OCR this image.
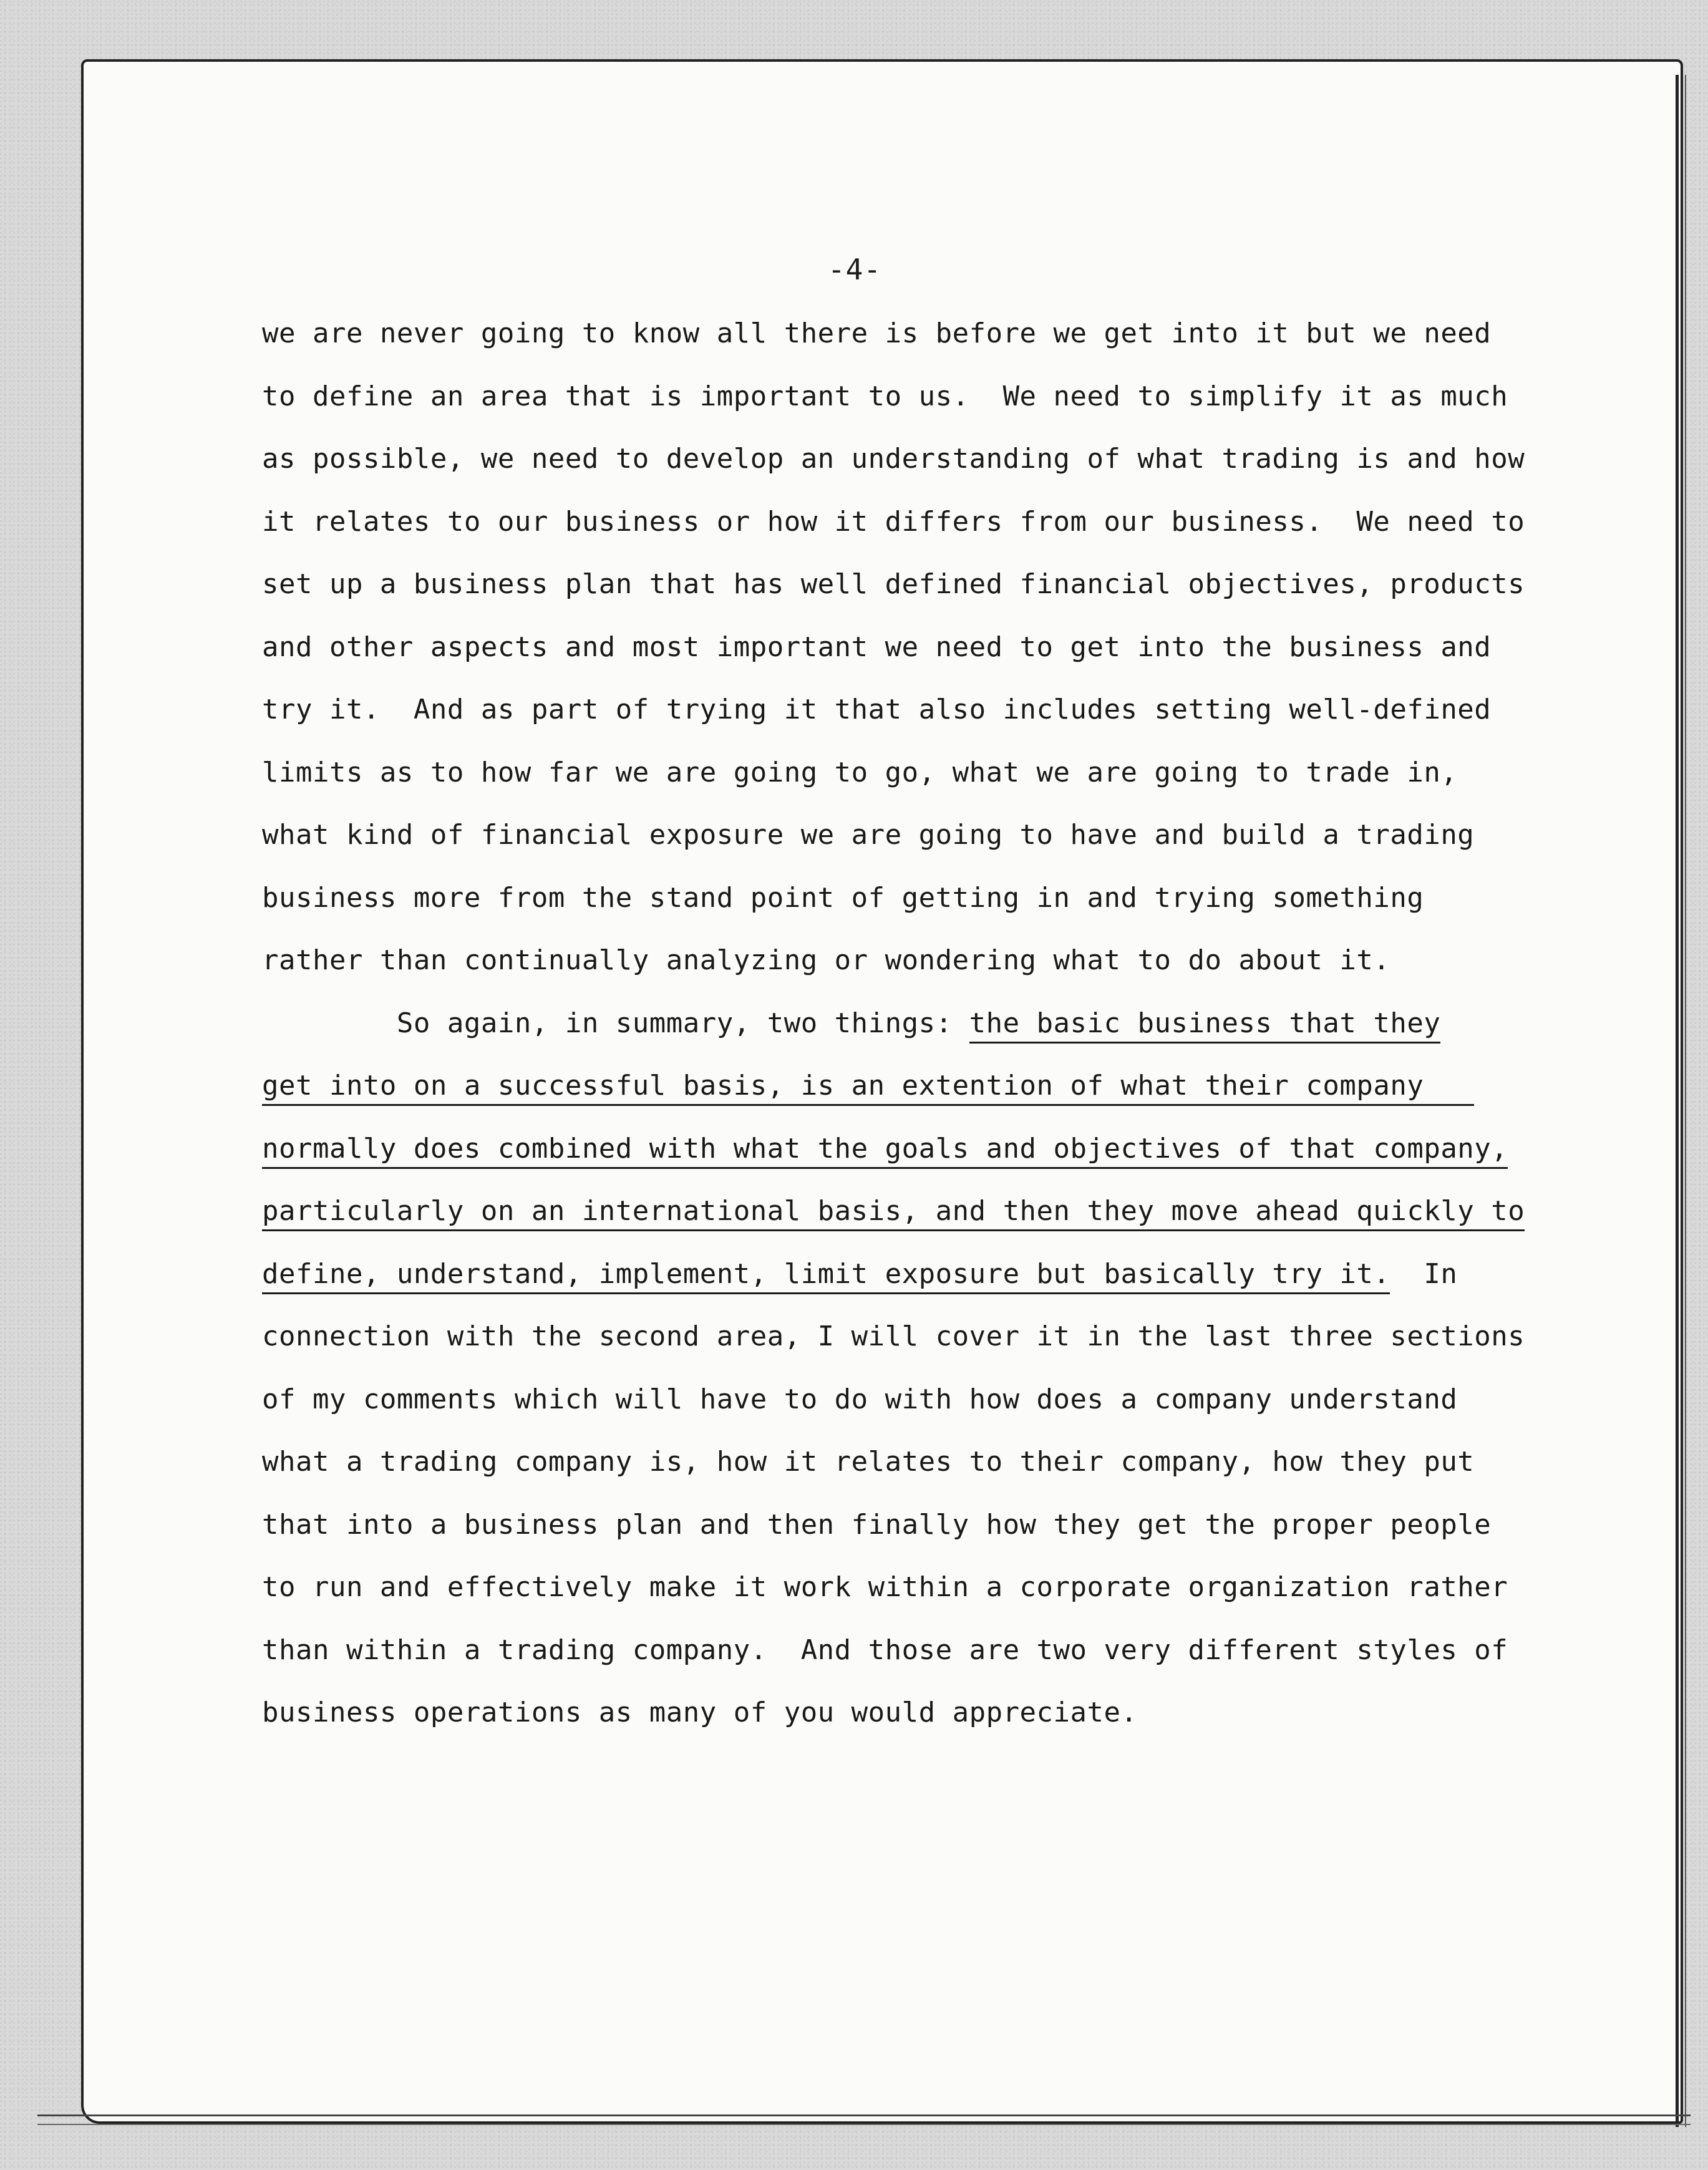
-4-
we are never going to know all there is before we get into it but we need
to define an area that is important to us.  We need to simplify it as much
as possible, we need to develop an understanding of what trading is and how
it relates to our business or how it differs from our business.  We need to
set up a business plan that has well defined financial objectives, products
and other aspects and most important we need to get into the business and
try it.  And as part of trying it that also includes setting well-defined
limits as to how far we are going to go, what we are going to trade in,
what kind of financial exposure we are going to have and build a trading
business more from the stand point of getting in and trying something
rather than continually analyzing or wondering what to do about it.
So again, in summary, two things: the basic business that they
get into on a successful basis, is an extention of what their company
normally does combined with what the goals and objectives of that company,
particularly on an international basis, and then they move ahead quickly to
define, understand, implement, limit exposure but basically try it.  In
connection with the second area, I will cover it in the last three sections
of my comments which will have to do with how does a company understand
what a trading company is, how it relates to their company, how they put
that into a business plan and then finally how they get the proper people
to run and effectively make it work within a corporate organization rather
than within a trading company.  And those are two very different styles of
business operations as many of you would appreciate.
